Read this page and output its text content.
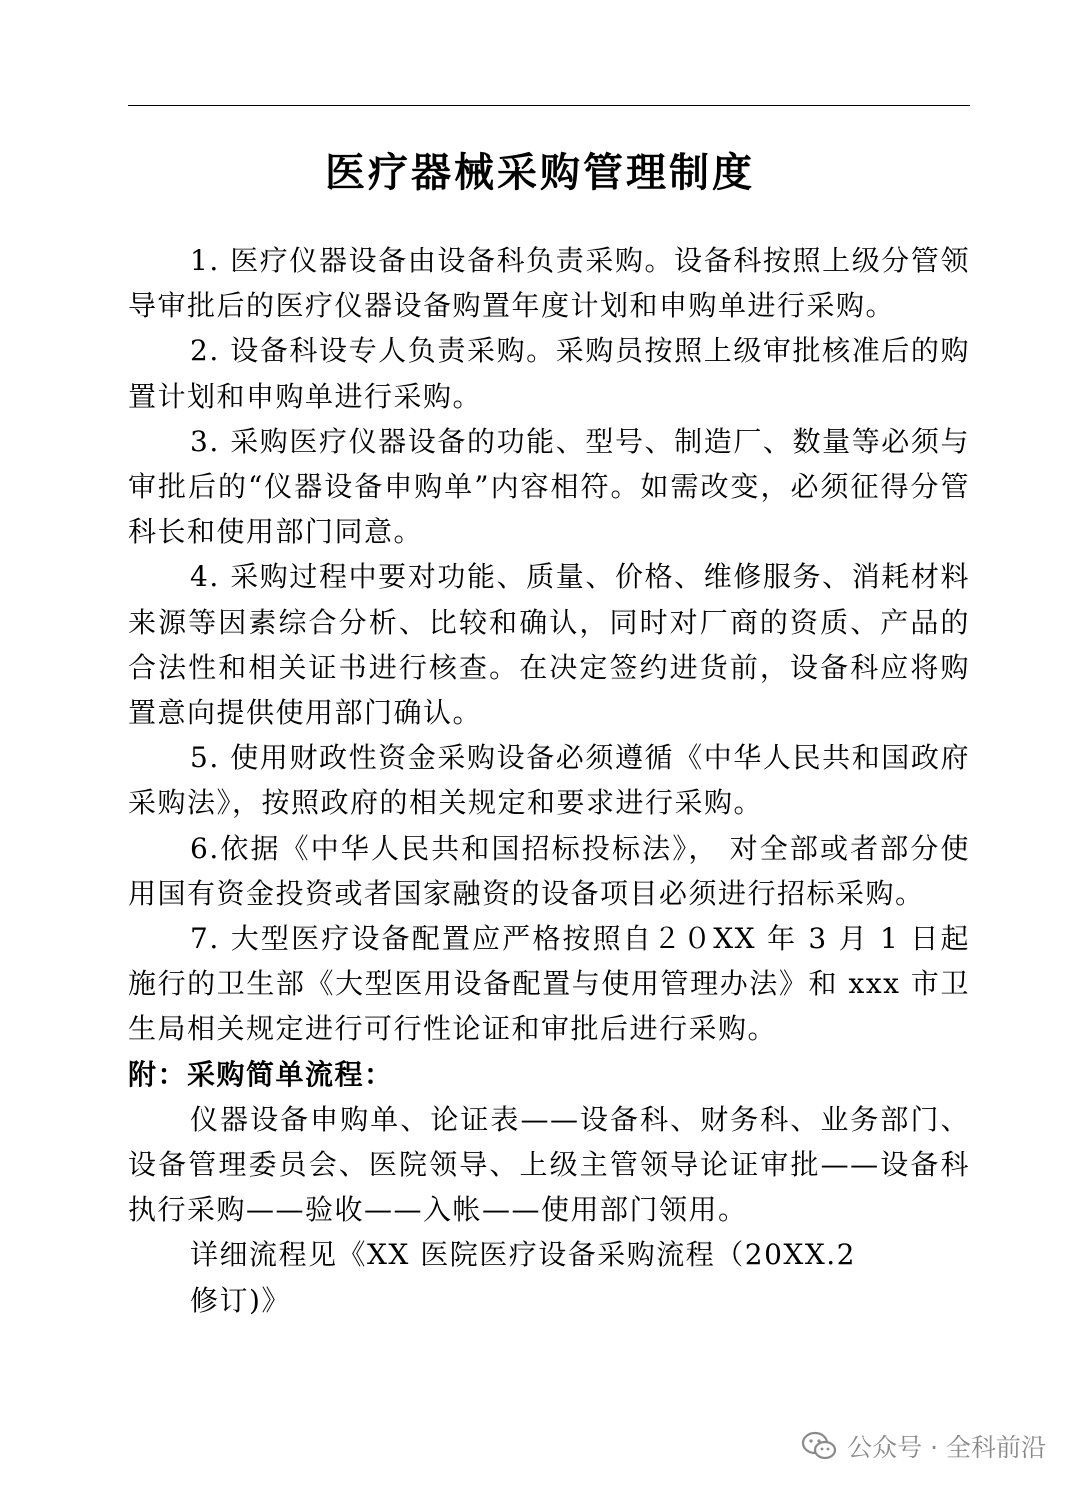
医疗器械采购管理制度

1. 医疗仪器设备由设备科负责采购。设备科按照上级分管领导审批后的医疗仪器设备购置年度计划和申购单进行采购。

2. 设备科设专人负责采购。采购员按照上级审批核准后的购置计划和申购单进行采购。

3. 采购医疗仪器设备的功能、型号、制造厂、数量等必须与审批后的“仪器设备申购单”内容相符。如需改变，必须征得分管科长和使用部门同意。

4. 采购过程中要对功能、质量、价格、维修服务、消耗材料来源等因素综合分析、比较和确认，同时对厂商的资质、产品的合法性和相关证书进行核查。在决定签约进货前，设备科应将购置意向提供使用部门确认。

5. 使用财政性资金采购设备必须遵循《中华人民共和国政府采购法》，按照政府的相关规定和要求进行采购。

6.依据《中华人民共和国招标投标法》， 对全部或者部分使用国有资金投资或者国家融资的设备项目必须进行招标采购。

7. 大型医疗设备配置应严格按照自２０XX 年 3 月 1 日起施行的卫生部《大型医用设备配置与使用管理办法》和 xxx 市卫生局相关规定进行可行性论证和审批后进行采购。

附：采购简单流程：

仪器设备申购单、论证表——设备科、财务科、业务部门、设备管理委员会、医院领导、上级主管领导论证审批——设备科执行采购——验收——入帐——使用部门领用。

详细流程见《XX 医院医疗设备采购流程（20XX.2 修订)》

公众号 · 全科前沿
